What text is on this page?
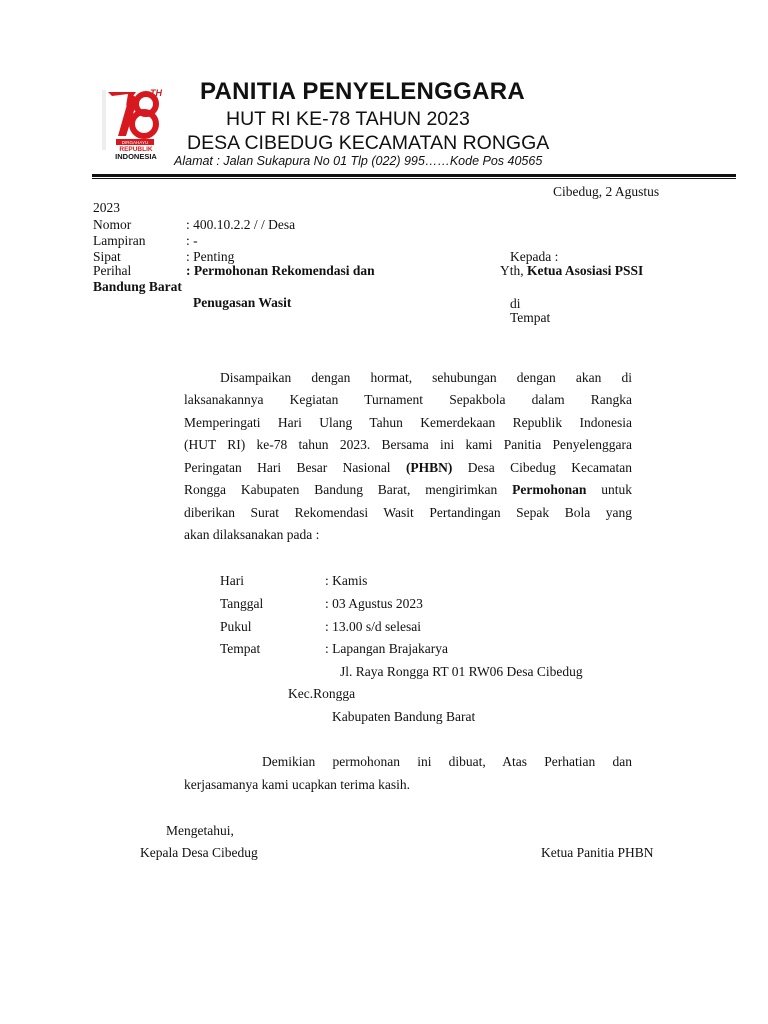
TH
DIRGAHAYU
REPUBLIK
INDONESIA
PANITIA PENYELENGGARA
HUT RI KE-78 TAHUN 2023
DESA CIBEDUG KECAMATAN RONGGA
Alamat : Jalan Sukapura No 01 Tlp (022) 995……Kode Pos 40565
Cibedug, 2 Agustus
2023
Nomor	: 400.10.2.2 / / Desa
Lampiran	: -
Sipat	: Penting
Perihal	: Permohonan Rekomendasi dan
Penugasan Wasit
Kepada :
Yth, Ketua Asosiasi PSSI
Bandung Barat
di
Tempat
Disampaikan dengan hormat, sehubungan dengan akan di
laksanakannya Kegiatan Turnament Sepakbola dalam Rangka
Memperingati Hari Ulang Tahun Kemerdekaan Republik Indonesia
(HUT RI) ke-78 tahun 2023. Bersama ini kami Panitia Penyelenggara
Peringatan Hari Besar Nasional (PHBN) Desa Cibedug Kecamatan
Rongga Kabupaten Bandung Barat, mengirimkan Permohonan untuk
diberikan Surat Rekomendasi Wasit Pertandingan Sepak Bola yang
akan dilaksanakan pada :
Hari	: Kamis
Tanggal	: 03 Agustus 2023
Pukul	: 13.00 s/d selesai
Tempat	: Lapangan Brajakarya
Jl. Raya Rongga RT 01 RW06 Desa Cibedug
Kec.Rongga
Kabupaten Bandung Barat
Demikian permohonan ini dibuat, Atas Perhatian dan
kerjasamanya kami ucapkan terima kasih.
Mengetahui,
Kepala Desa Cibedug	Ketua Panitia PHBN
